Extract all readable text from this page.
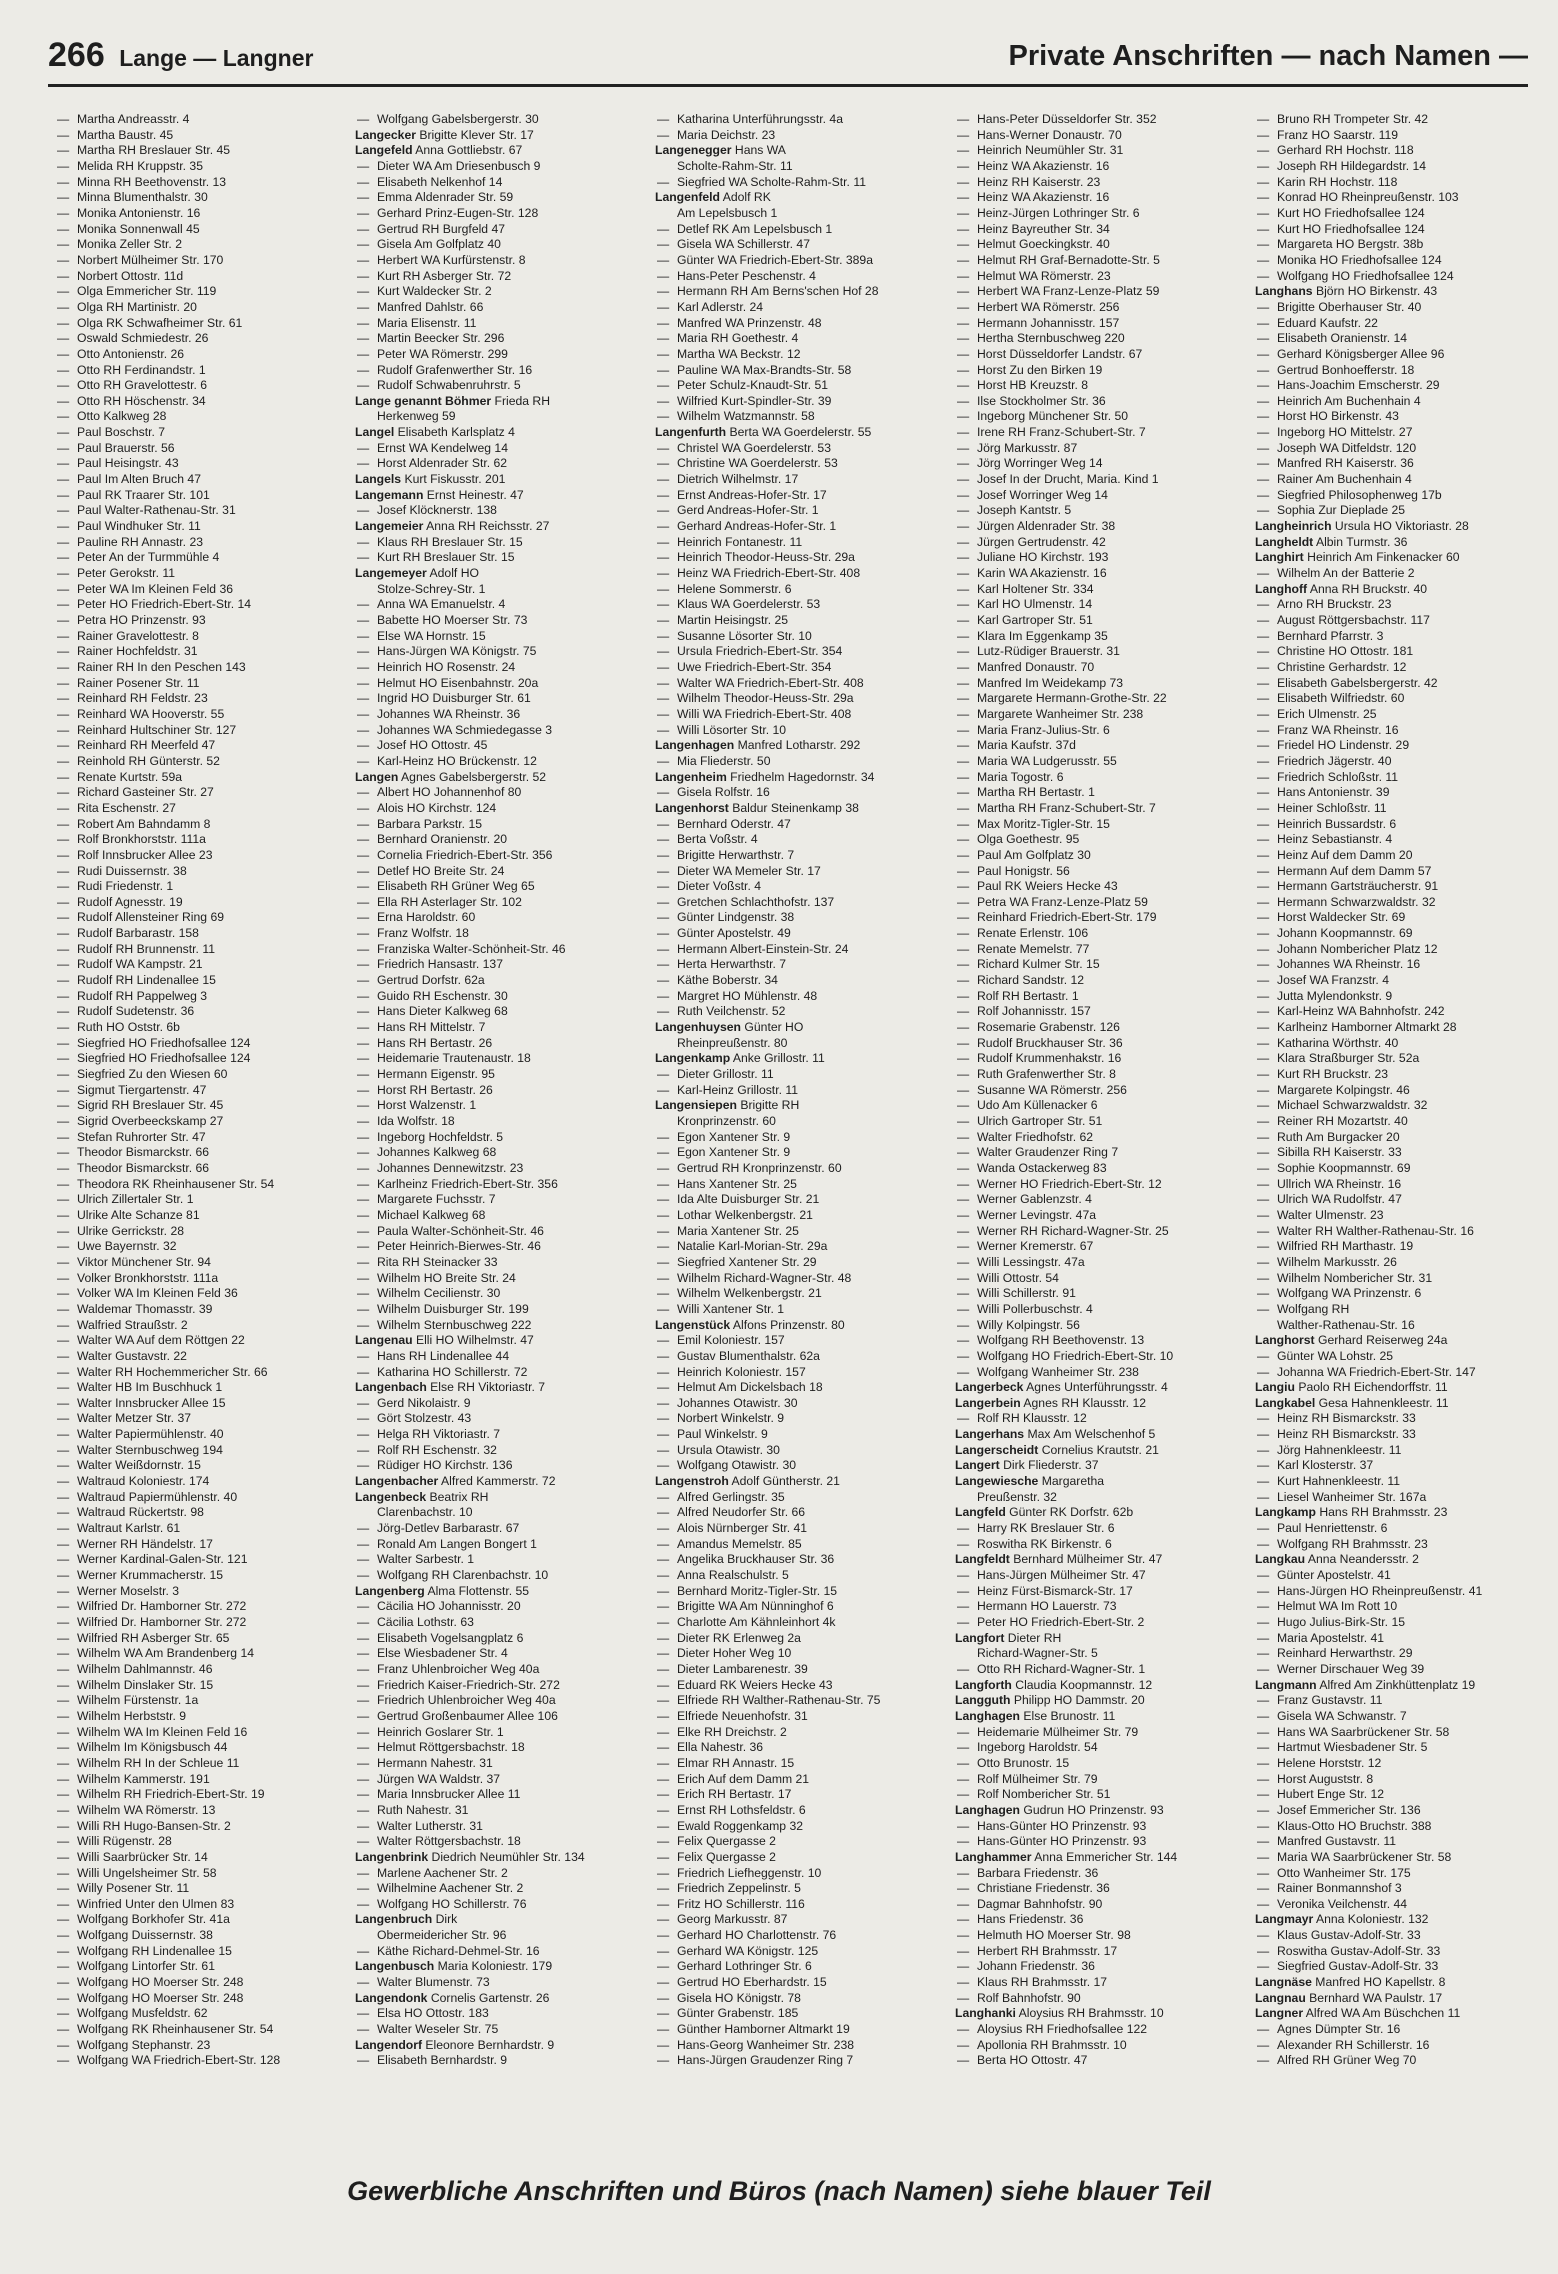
266 Lange — Langner	Private Anschriften — nach Namen —
— Martha Andreasstr. 4
— Martha Baustr. 45
— Martha RH Breslauer Str. 45
— Melida RH Kruppstr. 35
— Minna RH Beethovenstr. 13
— Minna Blumenthalstr. 30
— Monika Antonienstr. 16
— Monika Sonnenwall 45
— Monika Zeller Str. 2
— Norbert Mülheimer Str. 170
— Norbert Ottostr. 11d
— Olga Emmericher Str. 119
— Olga RH Martinistr. 20
— Olga RK Schwafheimer Str. 61
— Oswald Schmiedestr. 26
— Otto Antonienstr. 26
— Otto RH Ferdinandstr. 1
— Otto RH Gravelottestr. 6
— Otto RH Höschenstr. 34
— Otto Kalkweg 28
— Paul Boschstr. 7
— Paul Brauerstr. 56
— Paul Heisingstr. 43
— Paul Im Alten Bruch 47
— Paul RK Traarer Str. 101
— Paul Walter-Rathenau-Str. 31
— Paul Windhuker Str. 11
— Pauline RH Annastr. 23
— Peter An der Turmmühle 4
— Peter Gerokstr. 11
— Peter WA Im Kleinen Feld 36
— Peter HO Friedrich-Ebert-Str. 14
— Petra HO Prinzenstr. 93
— Rainer Gravelottestr. 8
— Rainer Hochfeldstr. 31
— Rainer RH In den Peschen 143
— Rainer Posener Str. 11
— Reinhard RH Feldstr. 23
— Reinhard WA Hooverstr. 55
— Reinhard Hultschiner Str. 127
— Reinhard RH Meerfeld 47
— Reinhold RH Günterstr. 52
— Renate Kurtstr. 59a
— Richard Gasteiner Str. 27
— Rita Eschenstr. 27
— Robert Am Bahndamm 8
— Rolf Bronkhorststr. 111a
— Rolf Innsbrucker Allee 23
— Rudi Duissernstr. 38
— Rudi Friedenstr. 1
— Rudolf Agnesstr. 19
— Rudolf Allensteiner Ring 69
— Rudolf Barbarastr. 158
— Rudolf RH Brunnenstr. 11
— Rudolf WA Kampstr. 21
— Rudolf RH Lindenallee 15
— Rudolf RH Pappelweg 3
— Rudolf Sudetenstr. 36
— Ruth HO Oststr. 6b
— Siegfried HO Friedhofsallee 124
— Siegfried HO Friedhofsallee 124
— Siegfried Zu den Wiesen 60
— Sigmut Tiergartenstr. 47
— Sigrid RH Breslauer Str. 45
— Sigrid Overbeeckskamp 27
— Stefan Ruhrorter Str. 47
— Theodor Bismarckstr. 66
— Theodor Bismarckstr. 66
— Theodora RK Rheinhausener Str. 54
— Ulrich Zillertaler Str. 1
— Ulrike Alte Schanze 81
— Ulrike Gerrickstr. 28
— Uwe Bayernstr. 32
— Viktor Münchener Str. 94
— Volker Bronkhorststr. 111a
— Volker WA Im Kleinen Feld 36
— Waldemar Thomasstr. 39
— Walfried Straußstr. 2
— Walter WA Auf dem Röttgen 22
— Walter Gustavstr. 22
— Walter RH Hochemmericher Str. 66
— Walter HB Im Buschhuck 1
— Walter Innsbrucker Allee 15
— Walter Metzer Str. 37
— Walter Papiermühlenstr. 40
— Walter Sternbuschweg 194
— Walter Weißdornstr. 15
— Waltraud Koloniestr. 174
— Waltraud Papiermühlenstr. 40
— Waltraud Rückertstr. 98
— Waltraut Karlstr. 61
— Werner RH Händelstr. 17
— Werner Kardinal-Galen-Str. 121
— Werner Krummacherstr. 15
— Werner Moselstr. 3
— Wilfried Dr. Hamborner Str. 272
— Wilfried Dr. Hamborner Str. 272
— Wilfried RH Asberger Str. 65
— Wilhelm WA Am Brandenberg 14
— Wilhelm Dahlmannstr. 46
— Wilhelm Dinslaker Str. 15
— Wilhelm Fürstenstr. 1a
— Wilhelm Herbststr. 9
— Wilhelm WA Im Kleinen Feld 16
— Wilhelm Im Königsbusch 44
— Wilhelm RH In der Schleue 11
— Wilhelm Kammerstr. 191
— Wilhelm RH Friedrich-Ebert-Str. 19
— Wilhelm WA Römerstr. 13
— Willi RH Hugo-Bansen-Str. 2
— Willi Rügenstr. 28
— Willi Saarbrücker Str. 14
— Willi Ungelsheimer Str. 58
— Willy Posener Str. 11
— Winfried Unter den Ulmen 83
— Wolfgang Borkhofer Str. 41a
— Wolfgang Duissernstr. 38
— Wolfgang RH Lindenallee 15
— Wolfgang Lintorfer Str. 61
— Wolfgang HO Moerser Str. 248
— Wolfgang HO Moerser Str. 248
— Wolfgang Musfeldstr. 62
— Wolfgang RK Rheinhausener Str. 54
— Wolfgang Stephanstr. 23
— Wolfgang WA Friedrich-Ebert-Str. 128
— Wolfgang Gabelsbergerstr. 30
Langecker Brigitte Klever Str. 17
Langefeld Anna Gottliebstr. 67
— Dieter WA Am Driesenbusch 9
— Elisabeth Nelkenhof 14
— Emma Aldenrader Str. 59
— Gerhard Prinz-Eugen-Str. 128
— Gertrud RH Burgfeld 47
— Gisela Am Golfplatz 40
— Herbert WA Kurfürstenstr. 8
— Kurt RH Asberger Str. 72
— Kurt Waldecker Str. 2
— Manfred Dahlstr. 66
— Maria Elisenstr. 11
— Martin Beecker Str. 296
— Peter WA Römerstr. 299
— Rudolf Grafenwerther Str. 16
— Rudolf Schwabenruhrstr. 5
Lange genannt Böhmer Frieda RH
Herkenweg 59
Langel Elisabeth Karlsplatz 4
— Ernst WA Kendelweg 14
— Horst Aldenrader Str. 62
Langels Kurt Fiskusstr. 201
Langemann Ernst Heinestr. 47
— Josef Klöcknerstr. 138
Langemeier Anna RH Reichsstr. 27
— Klaus RH Breslauer Str. 15
— Kurt RH Breslauer Str. 15
Langemeyer Adolf HO
Stolze-Schrey-Str. 1
— Anna WA Emanuelstr. 4
— Babette HO Moerser Str. 73
— Else WA Hornstr. 15
— Hans-Jürgen WA Königstr. 75
— Heinrich HO Rosenstr. 24
— Helmut HO Eisenbahnstr. 20a
— Ingrid HO Duisburger Str. 61
— Johannes WA Rheinstr. 36
— Johannes WA Schmiedegasse 3
— Josef HO Ottostr. 45
— Karl-Heinz HO Brückenstr. 12
Langen Agnes Gabelsbergerstr. 52
— Albert HO Johannenhof 80
— Alois HO Kirchstr. 124
— Barbara Parkstr. 15
— Bernhard Oranienstr. 20
— Cornelia Friedrich-Ebert-Str. 356
— Detlef HO Breite Str. 24
— Elisabeth RH Grüner Weg 65
— Ella RH Asterlager Str. 102
— Erna Haroldstr. 60
— Franz Wolfstr. 18
— Franziska Walter-Schönheit-Str. 46
— Friedrich Hansastr. 137
— Gertrud Dorfstr. 62a
— Guido RH Eschenstr. 30
— Hans Dieter Kalkweg 68
— Hans RH Mittelstr. 7
— Hans RH Bertastr. 26
— Heidemarie Trautenaustr. 18
— Hermann Eigenstr. 95
— Horst RH Bertastr. 26
— Horst Walzenstr. 1
— Ida Wolfstr. 18
— Ingeborg Hochfeldstr. 5
— Johannes Kalkweg 68
— Johannes Dennewitzstr. 23
— Karlheinz Friedrich-Ebert-Str. 356
— Margarete Fuchsstr. 7
— Michael Kalkweg 68
— Paula Walter-Schönheit-Str. 46
— Peter Heinrich-Bierwes-Str. 46
— Rita RH Steinacker 33
— Wilhelm HO Breite Str. 24
— Wilhelm Cecilienstr. 30
— Wilhelm Duisburger Str. 199
— Wilhelm Sternbuschweg 222
Langenau Elli HO Wilhelmstr. 47
— Hans RH Lindenallee 44
— Katharina HO Schillerstr. 72
Langenbach Else RH Viktoriastr. 7
— Gerd Nikolaistr. 9
— Gört Stolzestr. 43
— Helga RH Viktoriastr. 7
— Rolf RH Eschenstr. 32
— Rüdiger HO Kirchstr. 136
Langenbacher Alfred Kammerstr. 72
Langenbeck Beatrix RH
Clarenbachstr. 10
— Jörg-Detlev Barbarastr. 67
— Ronald Am Langen Bongert 1
— Walter Sarbestr. 1
— Wolfgang RH Clarenbachstr. 10
Langenberg Alma Flottenstr. 55
— Cäcilia HO Johannisstr. 20
— Cäcilia Lothstr. 63
— Elisabeth Vogelsangplatz 6
— Else Wiesbadener Str. 4
— Franz Uhlenbroicher Weg 40a
— Friedrich Kaiser-Friedrich-Str. 272
— Friedrich Uhlenbroicher Weg 40a
— Gertrud Großenbaumer Allee 106
— Heinrich Goslarer Str. 1
— Helmut Röttgersbachstr. 18
— Hermann Nahestr. 31
— Jürgen WA Waldstr. 37
— Maria Innsbrucker Allee 11
— Ruth Nahestr. 31
— Walter Lutherstr. 31
— Walter Röttgersbachstr. 18
Langenbrink Diedrich Neumühler Str. 134
— Marlene Aachener Str. 2
— Wilhelmine Aachener Str. 2
— Wolfgang HO Schillerstr. 76
Langenbruch Dirk
Obermeidericher Str. 96
— Käthe Richard-Dehmel-Str. 16
Langenbusch Maria Koloniestr. 179
— Walter Blumenstr. 73
Langendonk Cornelis Gartenstr. 26
— Elsa HO Ottostr. 183
— Walter Weseler Str. 75
Langendorf Eleonore Bernhardstr. 9
— Elisabeth Bernhardstr. 9
— Katharina Unterführungsstr. 4a
— Maria Deichstr. 23
Langenegger Hans WA
Scholte-Rahm-Str. 11
— Siegfried WA Scholte-Rahm-Str. 11
Langenfeld Adolf RK
Am Lepelsbusch 1
— Detlef RK Am Lepelsbusch 1
— Gisela WA Schillerstr. 47
— Günter WA Friedrich-Ebert-Str. 389a
— Hans-Peter Peschenstr. 4
— Hermann RH Am Berns'schen Hof 28
— Karl Adlerstr. 24
— Manfred WA Prinzenstr. 48
— Maria RH Goethestr. 4
— Martha WA Beckstr. 12
— Pauline WA Max-Brandts-Str. 58
— Peter Schulz-Knaudt-Str. 51
— Wilfried Kurt-Spindler-Str. 39
— Wilhelm Watzmannstr. 58
Langenfurth Berta WA Goerdelerstr. 55
— Christel WA Goerdelerstr. 53
— Christine WA Goerdelerstr. 53
— Dietrich Wilhelmstr. 17
— Ernst Andreas-Hofer-Str. 17
— Gerd Andreas-Hofer-Str. 1
— Gerhard Andreas-Hofer-Str. 1
— Heinrich Fontanestr. 11
— Heinrich Theodor-Heuss-Str. 29a
— Heinz WA Friedrich-Ebert-Str. 408
— Helene Sommerstr. 6
— Klaus WA Goerdelerstr. 53
— Martin Heisingstr. 25
— Susanne Lösorter Str. 10
— Ursula Friedrich-Ebert-Str. 354
— Uwe Friedrich-Ebert-Str. 354
— Walter WA Friedrich-Ebert-Str. 408
— Wilhelm Theodor-Heuss-Str. 29a
— Willi WA Friedrich-Ebert-Str. 408
— Willi Lösorter Str. 10
Langenhagen Manfred Lotharstr. 292
— Mia Fliederstr. 50
Langenheim Friedhelm Hagedornstr. 34
— Gisela Rolfstr. 16
Langenhorst Baldur Steinenkamp 38
— Bernhard Oderstr. 47
— Berta Voßstr. 4
— Brigitte Herwarthstr. 7
— Dieter WA Memeler Str. 17
— Dieter Voßstr. 4
— Gretchen Schlachthofstr. 137
— Günter Lindgenstr. 38
— Günter Apostelstr. 49
— Hermann Albert-Einstein-Str. 24
— Herta Herwarthstr. 7
— Käthe Boberstr. 34
— Margret HO Mühlenstr. 48
— Ruth Veilchenstr. 52
Langenhuysen Günter HO
Rheinpreußenstr. 80
Langenkamp Anke Grillostr. 11
— Dieter Grillostr. 11
— Karl-Heinz Grillostr. 11
Langensiepen Brigitte RH
Kronprinzenstr. 60
— Egon Xantener Str. 9
— Egon Xantener Str. 9
— Gertrud RH Kronprinzenstr. 60
— Hans Xantener Str. 25
— Ida Alte Duisburger Str. 21
— Lothar Welkenbergstr. 21
— Maria Xantener Str. 25
— Natalie Karl-Morian-Str. 29a
— Siegfried Xantener Str. 29
— Wilhelm Richard-Wagner-Str. 48
— Wilhelm Welkenbergstr. 21
— Willi Xantener Str. 1
Langenstück Alfons Prinzenstr. 80
— Emil Koloniestr. 157
— Gustav Blumenthalstr. 62a
— Heinrich Koloniestr. 157
— Helmut Am Dickelsbach 18
— Johannes Otawistr. 30
— Norbert Winkelstr. 9
— Paul Winkelstr. 9
— Ursula Otawistr. 30
— Wolfgang Otawistr. 30
Langenstroh Adolf Güntherstr. 21
— Alfred Gerlingstr. 35
— Alfred Neudorfer Str. 66
— Alois Nürnberger Str. 41
— Amandus Memelstr. 85
— Angelika Bruckhauser Str. 36
— Anna Realschulstr. 5
— Bernhard Moritz-Tigler-Str. 15
— Brigitte WA Am Nünninghof 6
— Charlotte Am Kähnleinhort 4k
— Dieter RK Erlenweg 2a
— Dieter Hoher Weg 10
— Dieter Lambarenestr. 39
— Eduard RK Weiers Hecke 43
— Elfriede RH Walther-Rathenau-Str. 75
— Elfriede Neuenhofstr. 31
— Elke RH Dreichstr. 2
— Ella Nahestr. 36
— Elmar RH Annastr. 15
— Erich Auf dem Damm 21
— Erich RH Bertastr. 17
— Ernst RH Lothsfeldstr. 6
— Ewald Roggenkamp 32
— Felix Quergasse 2
— Felix Quergasse 2
— Friedrich Liefheggenstr. 10
— Friedrich Zeppelinstr. 5
— Fritz HO Schillerstr. 116
— Georg Markusstr. 87
— Gerhard HO Charlottenstr. 76
— Gerhard WA Königstr. 125
— Gerhard Lothringer Str. 6
— Gertrud HO Eberhardstr. 15
— Gisela HO Königstr. 78
— Günter Grabenstr. 185
— Günther Hamborner Altmarkt 19
— Hans-Georg Wanheimer Str. 238
— Hans-Jürgen Graudenzer Ring 7
— Hans-Peter Düsseldorfer Str. 352
— Hans-Werner Donaustr. 70
— Heinrich Neumühler Str. 31
— Heinz WA Akazienstr. 16
— Heinz RH Kaiserstr. 23
— Heinz WA Akazienstr. 16
— Heinz-Jürgen Lothringer Str. 6
— Heinz Bayreuther Str. 34
— Helmut Goeckingkstr. 40
— Helmut RH Graf-Bernadotte-Str. 5
— Helmut WA Römerstr. 23
— Herbert WA Franz-Lenze-Platz 59
— Herbert WA Römerstr. 256
— Hermann Johannisstr. 157
— Hertha Sternbuschweg 220
— Horst Düsseldorfer Landstr. 67
— Horst Zu den Birken 19
— Horst HB Kreuzstr. 8
— Ilse Stockholmer Str. 36
— Ingeborg Münchener Str. 50
— Irene RH Franz-Schubert-Str. 7
— Jörg Markusstr. 87
— Jörg Worringer Weg 14
— Josef In der Drucht, Maria. Kind 1
— Josef Worringer Weg 14
— Joseph Kantstr. 5
— Jürgen Aldenrader Str. 38
— Jürgen Gertrudenstr. 42
— Juliane HO Kirchstr. 193
— Karin WA Akazienstr. 16
— Karl Holtener Str. 334
— Karl HO Ulmenstr. 14
— Karl Gartroper Str. 51
— Klara Im Eggenkamp 35
— Lutz-Rüdiger Brauerstr. 31
— Manfred Donaustr. 70
— Manfred Im Weidekamp 73
— Margarete Hermann-Grothe-Str. 22
— Margarete Wanheimer Str. 238
— Maria Franz-Julius-Str. 6
— Maria Kaufstr. 37d
— Maria WA Ludgerusstr. 55
— Maria Togostr. 6
— Martha RH Bertastr. 1
— Martha RH Franz-Schubert-Str. 7
— Max Moritz-Tigler-Str. 15
— Olga Goethestr. 95
— Paul Am Golfplatz 30
— Paul Honigstr. 56
— Paul RK Weiers Hecke 43
— Petra WA Franz-Lenze-Platz 59
— Reinhard Friedrich-Ebert-Str. 179
— Renate Erlenstr. 106
— Renate Memelstr. 77
— Richard Kulmer Str. 15
— Richard Sandstr. 12
— Rolf RH Bertastr. 1
— Rolf Johannisstr. 157
— Rosemarie Grabenstr. 126
— Rudolf Bruckhauser Str. 36
— Rudolf Krummenhakstr. 16
— Ruth Grafenwerther Str. 8
— Susanne WA Römerstr. 256
— Udo Am Küllenacker 6
— Ulrich Gartroper Str. 51
— Walter Friedhofstr. 62
— Walter Graudenzer Ring 7
— Wanda Ostackerweg 83
— Werner HO Friedrich-Ebert-Str. 12
— Werner Gablenzstr. 4
— Werner Levingstr. 47a
— Werner RH Richard-Wagner-Str. 25
— Werner Kremerstr. 67
— Willi Lessingstr. 47a
— Willi Ottostr. 54
— Willi Schillerstr. 91
— Willi Pollerbuschstr. 4
— Willy Kolpingstr. 56
— Wolfgang RH Beethovenstr. 13
— Wolfgang HO Friedrich-Ebert-Str. 10
— Wolfgang Wanheimer Str. 238
Langerbeck Agnes Unterführungsstr. 4
Langerbein Agnes RH Klausstr. 12
— Rolf RH Klausstr. 12
Langerhans Max Am Welschenhof 5
Langerscheidt Cornelius Krautstr. 21
Langert Dirk Fliederstr. 37
Langewiesche Margaretha
Preußenstr. 32
Langfeld Günter RK Dorfstr. 62b
— Harry RK Breslauer Str. 6
— Roswitha RK Birkenstr. 6
Langfeldt Bernhard Mülheimer Str. 47
— Hans-Jürgen Mülheimer Str. 47
— Heinz Fürst-Bismarck-Str. 17
— Hermann HO Lauerstr. 73
— Peter HO Friedrich-Ebert-Str. 2
Langfort Dieter RH
Richard-Wagner-Str. 5
— Otto RH Richard-Wagner-Str. 1
Langforth Claudia Koopmannstr. 12
Langguth Philipp HO Dammstr. 20
Langhagen Else Brunostr. 11
— Heidemarie Mülheimer Str. 79
— Ingeborg Haroldstr. 54
— Otto Brunostr. 15
— Rolf Mülheimer Str. 79
— Rolf Nombericher Str. 51
Langhagen Gudrun HO Prinzenstr. 93
— Hans-Günter HO Prinzenstr. 93
— Hans-Günter HO Prinzenstr. 93
Langhammer Anna Emmericher Str. 144
— Barbara Friedenstr. 36
— Christiane Friedenstr. 36
— Dagmar Bahnhofstr. 90
— Hans Friedenstr. 36
— Helmuth HO Moerser Str. 98
— Herbert RH Brahmsstr. 17
— Johann Friedenstr. 36
— Klaus RH Brahmsstr. 17
— Rolf Bahnhofstr. 90
Langhanki Aloysius RH Brahmsstr. 10
— Aloysius RH Friedhofsallee 122
— Apollonia RH Brahmsstr. 10
— Berta HO Ottostr. 47
— Bruno RH Trompeter Str. 42
— Franz HO Saarstr. 119
— Gerhard RH Hochstr. 118
— Joseph RH Hildegardstr. 14
— Karin RH Hochstr. 118
— Konrad HO Rheinpreußenstr. 103
— Kurt HO Friedhofsallee 124
— Kurt HO Friedhofsallee 124
— Margareta HO Bergstr. 38b
— Monika HO Friedhofsallee 124
— Wolfgang HO Friedhofsallee 124
Langhans Björn HO Birkenstr. 43
— Brigitte Oberhauser Str. 40
— Eduard Kaufstr. 22
— Elisabeth Oranienstr. 14
— Gerhard Königsberger Allee 96
— Gertrud Bonhoefferstr. 18
— Hans-Joachim Emscherstr. 29
— Heinrich Am Buchenhain 4
— Horst HO Birkenstr. 43
— Ingeborg HO Mittelstr. 27
— Joseph WA Ditfeldstr. 120
— Manfred RH Kaiserstr. 36
— Rainer Am Buchenhain 4
— Siegfried Philosophenweg 17b
— Sophia Zur Dieplade 25
Langheinrich Ursula HO Viktoriastr. 28
Langheldt Albin Turmstr. 36
Langhirt Heinrich Am Finkenacker 60
— Wilhelm An der Batterie 2
Langhoff Anna RH Bruckstr. 40
— Arno RH Bruckstr. 23
— August Röttgersbachstr. 117
— Bernhard Pfarrstr. 3
— Christine HO Ottostr. 181
— Christine Gerhardstr. 12
— Elisabeth Gabelsbergerstr. 42
— Elisabeth Wilfriedstr. 60
— Erich Ulmenstr. 25
— Franz WA Rheinstr. 16
— Friedel HO Lindenstr. 29
— Friedrich Jägerstr. 40
— Friedrich Schloßstr. 11
— Hans Antonienstr. 39
— Heiner Schloßstr. 11
— Heinrich Bussardstr. 6
— Heinz Sebastianstr. 4
— Heinz Auf dem Damm 20
— Hermann Auf dem Damm 57
— Hermann Gartsträucherstr. 91
— Hermann Schwarzwaldstr. 32
— Horst Waldecker Str. 69
— Johann Koopmannstr. 69
— Johann Nombericher Platz 12
— Johannes WA Rheinstr. 16
— Josef WA Franzstr. 4
— Jutta Mylendonkstr. 9
— Karl-Heinz WA Bahnhofstr. 242
— Karlheinz Hamborner Altmarkt 28
— Katharina Wörthstr. 40
— Klara Straßburger Str. 52a
— Kurt RH Bruckstr. 23
— Margarete Kolpingstr. 46
— Michael Schwarzwaldstr. 32
— Reiner RH Mozartstr. 40
— Ruth Am Burgacker 20
— Sibilla RH Kaiserstr. 33
— Sophie Koopmannstr. 69
— Ullrich WA Rheinstr. 16
— Ulrich WA Rudolfstr. 47
— Walter Ulmenstr. 23
— Walter RH Walther-Rathenau-Str. 16
— Wilfried RH Marthastr. 19
— Wilhelm Markusstr. 26
— Wilhelm Nombericher Str. 31
— Wolfgang WA Prinzenstr. 6
— Wolfgang RH
Walther-Rathenau-Str. 16
Langhorst Gerhard Reiserweg 24a
— Günter WA Lohstr. 25
— Johanna WA Friedrich-Ebert-Str. 147
Langiu Paolo RH Eichendorffstr. 11
Langkabel Gesa Hahnenkleestr. 11
— Heinz RH Bismarckstr. 33
— Heinz RH Bismarckstr. 33
— Jörg Hahnenkleestr. 11
— Karl Klosterstr. 37
— Kurt Hahnenkleestr. 11
— Liesel Wanheimer Str. 167a
Langkamp Hans RH Brahmsstr. 23
— Paul Henriettenstr. 6
— Wolfgang RH Brahmsstr. 23
Langkau Anna Neandersstr. 2
— Günter Apostelstr. 41
— Hans-Jürgen HO Rheinpreußenstr. 41
— Helmut WA Im Rott 10
— Hugo Julius-Birk-Str. 15
— Maria Apostelstr. 41
— Reinhard Herwarthstr. 29
— Werner Dirschauer Weg 39
Langmann Alfred Am Zinkhüttenplatz 19
— Franz Gustavstr. 11
— Gisela WA Schwanstr. 7
— Hans WA Saarbrückener Str. 58
— Hartmut Wiesbadener Str. 5
— Helene Horststr. 12
— Horst Auguststr. 8
— Hubert Enge Str. 12
— Josef Emmericher Str. 136
— Klaus-Otto HO Bruchstr. 388
— Manfred Gustavstr. 11
— Maria WA Saarbrückener Str. 58
— Otto Wanheimer Str. 175
— Rainer Bonmannshof 3
— Veronika Veilchenstr. 44
Langmayr Anna Koloniestr. 132
— Klaus Gustav-Adolf-Str. 33
— Roswitha Gustav-Adolf-Str. 33
— Siegfried Gustav-Adolf-Str. 33
Langnäse Manfred HO Kapellstr. 8
Langnau Bernhard WA Paulstr. 17
Langner Alfred WA Am Büschchen 11
— Agnes Dümpter Str. 16
— Alexander RH Schillerstr. 16
— Alfred RH Grüner Weg 70
Gewerbliche Anschriften und Büros (nach Namen) siehe blauer Teil
